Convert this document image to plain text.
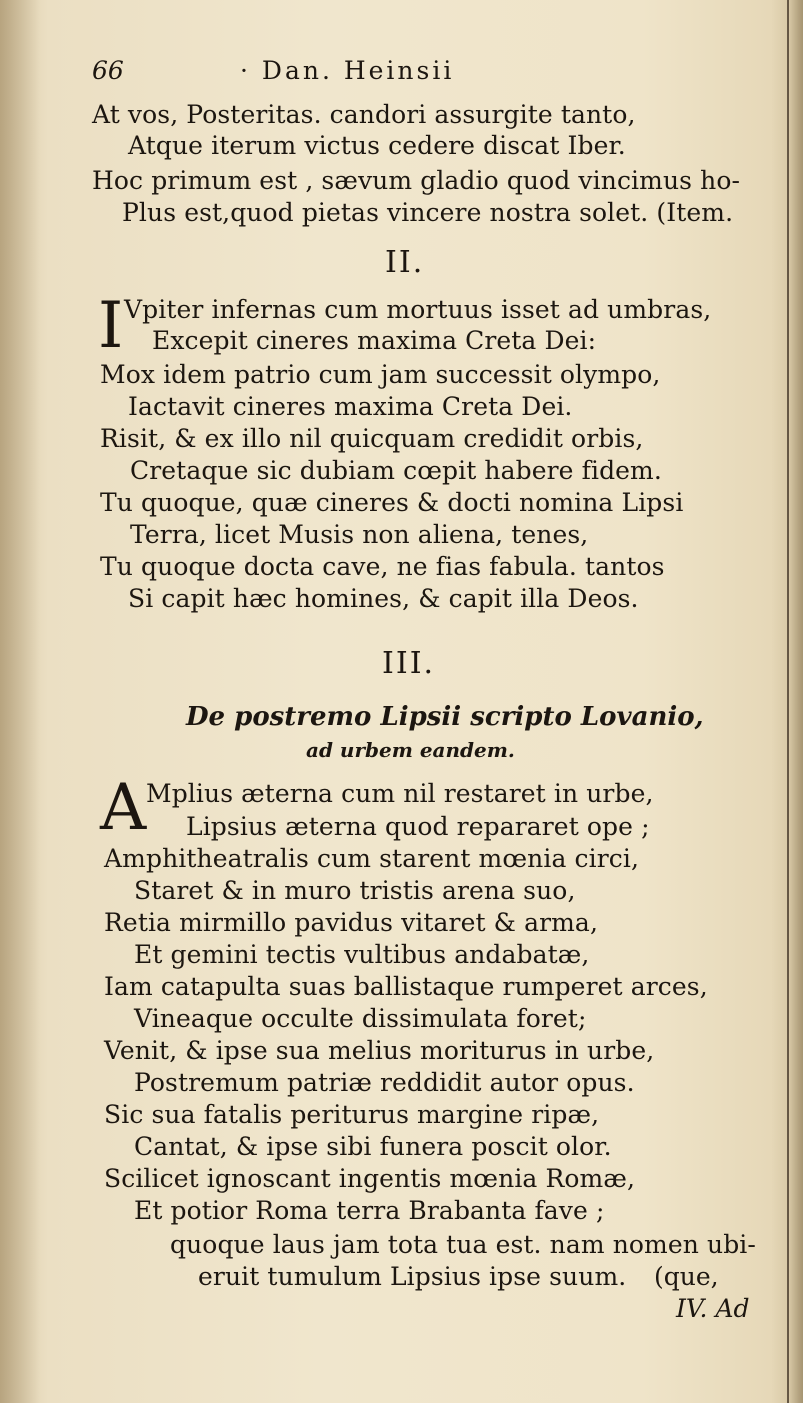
66	· Dan. Heinsii
At vos, Posteritas. candori assurgite tanto,
Atque iterum victus cedere discat Iber.
Hoc primum est , sævum gladio quod vincimus ho-
Plus est,quod pietas vincere nostra solet. (Item.
II.
I Vpiter infernas cum mortuus isset ad umbras,
Excepit cineres maxima Creta Dei:
Mox idem patrio cum jam successit olympo,
Iactavit cineres maxima Creta Dei.
Risit, & ex illo nil quicquam credidit orbis,
Cretaque sic dubiam cœpit habere fidem.
Tu quoque, quæ cineres & docti nomina Lipsi
Terra, licet Musis non aliena, tenes,
Tu quoque docta cave, ne fias fabula. tantos
Si capit hæc homines, & capit illa Deos.
III.
De postremo Lipsii scripto Lovanio,
ad urbem eandem.
A Mplius æterna cum nil restaret in urbe,
Lipsius æterna quod repararet ope ;
Amphitheatralis cum starent mœnia circi,
Staret & in muro tristis arena suo,
Retia mirmillo pavidus vitaret & arma,
Et gemini tectis vultibus andabatæ,
Iam catapulta suas ballistaque rumperet arces,
Vineaque occulte dissimulata foret;
Venit, & ipse sua melius moriturus in urbe,
Postremum patriæ reddidit autor opus.
Sic sua fatalis periturus margine ripæ,
Cantat, & ipse sibi funera poscit olor.
Scilicet ignoscant ingentis mœnia Romæ,
Et potior Roma terra Brabanta fave ;
quoque laus jam tota tua est. nam nomen ubi-
eruit tumulum Lipsius ipse suum. (que,
IV. Ad
